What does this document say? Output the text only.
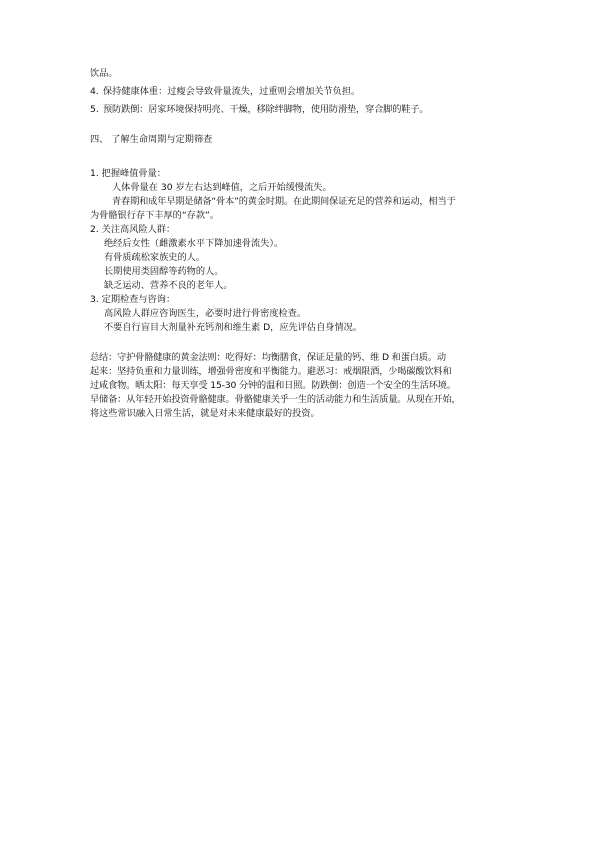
饮品。
4. 保持健康体重：过瘦会导致骨量流失，过重则会增加关节负担。
5. 预防跌倒：居家环境保持明亮、干燥，移除绊脚物，使用防滑垫，穿合脚的鞋子。
四、 了解生命周期与定期筛查
1. 把握峰值骨量：
人体骨量在 30 岁左右达到峰值，之后开始缓慢流失。
青春期和成年早期是储备“骨本”的黄金时期。在此期间保证充足的营养和运动，相当于
为骨骼银行存下丰厚的“存款”。
2. 关注高风险人群：
绝经后女性（雌激素水平下降加速骨流失）。
有骨质疏松家族史的人。
长期使用类固醇等药物的人。
缺乏运动、营养不良的老年人。
3. 定期检查与咨询：
高风险人群应咨询医生，必要时进行骨密度检查。
不要自行盲目大剂量补充钙剂和维生素 D，应先评估自身情况。
总结：守护骨骼健康的黄金法则：吃得好：均衡膳食，保证足量的钙、维 D 和蛋白质。动
起来：坚持负重和力量训练，增强骨密度和平衡能力。避恶习：戒烟限酒，少喝碳酸饮料和
过咸食物。晒太阳：每天享受 15-30 分钟的温和日照。防跌倒：创造一个安全的生活环境。
早储备：从年轻开始投资骨骼健康。骨骼健康关乎一生的活动能力和生活质量。从现在开始，
将这些常识融入日常生活，就是对未来健康最好的投资。
